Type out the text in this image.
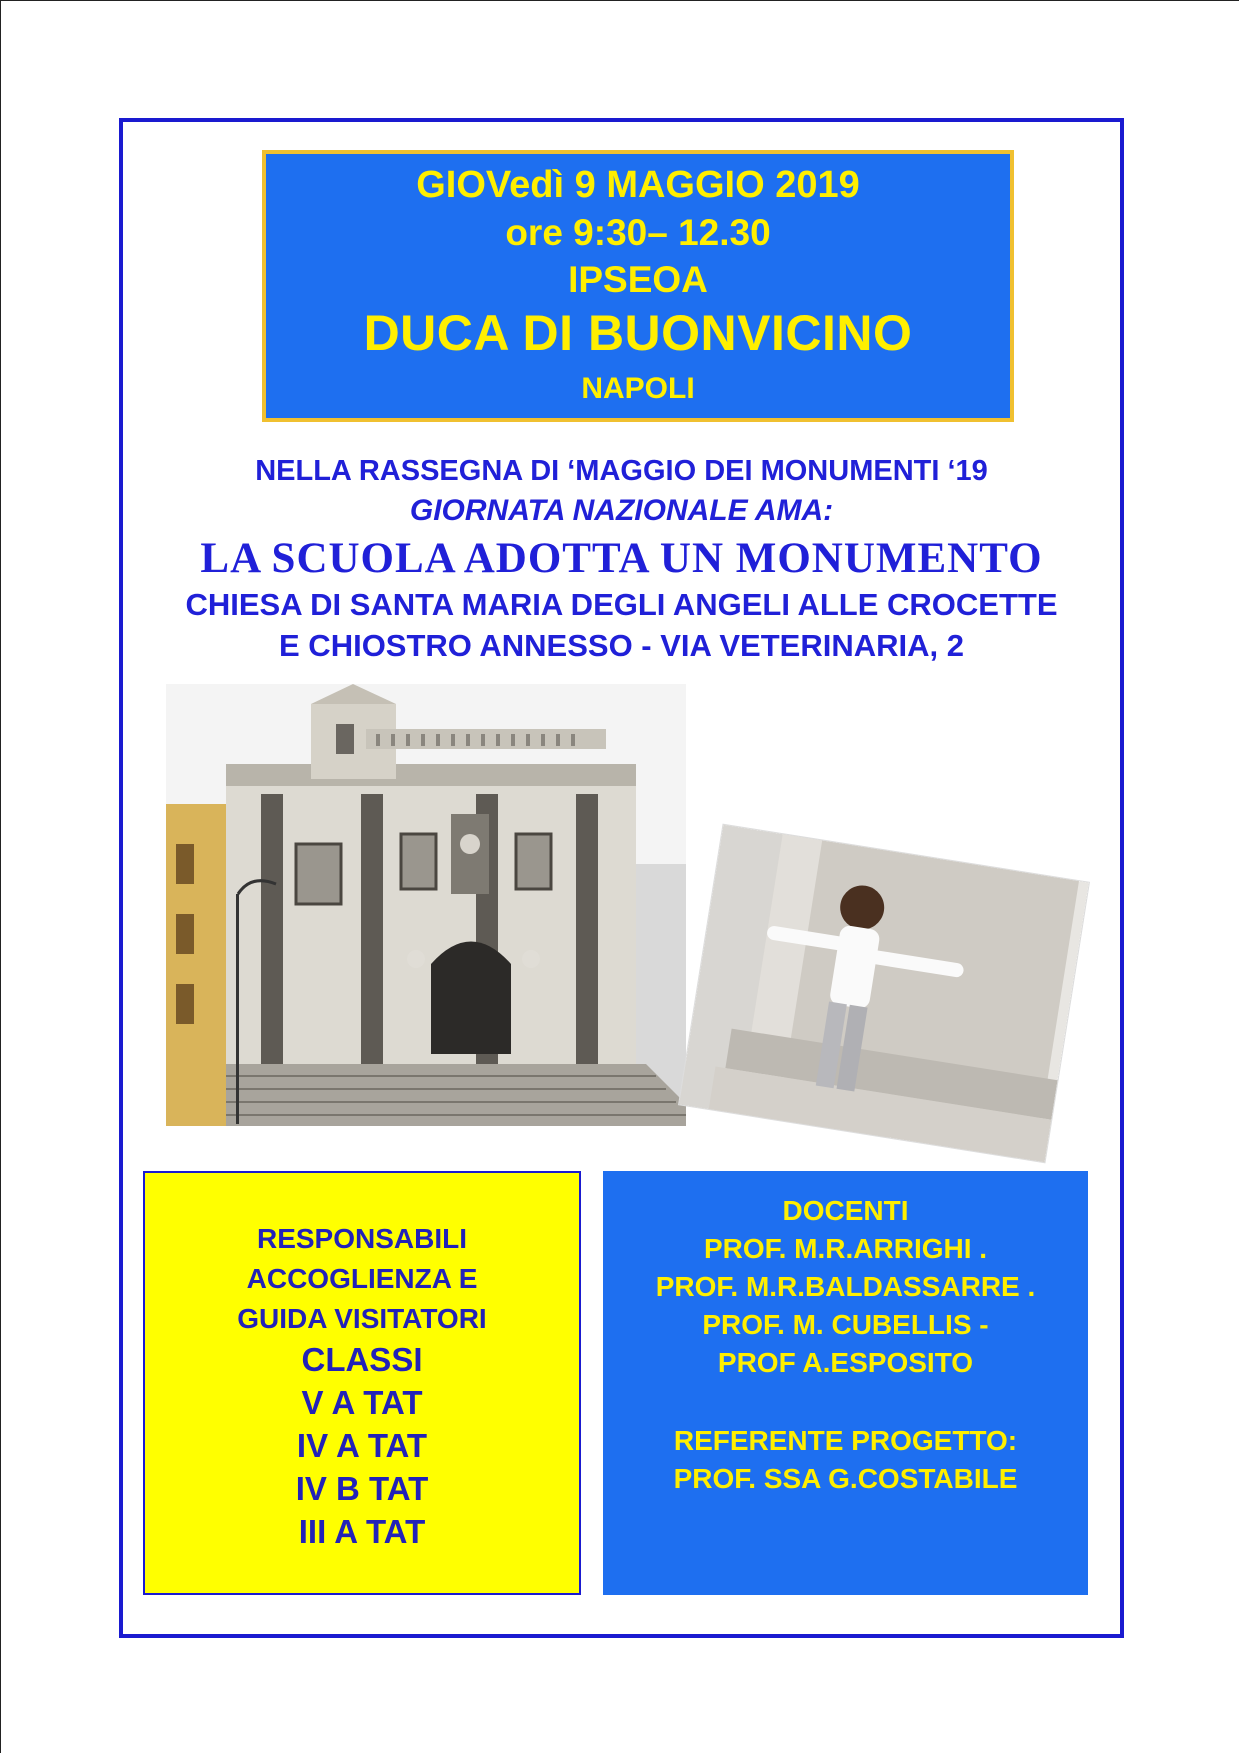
GIOVedì 9 MAGGIO 2019
ore 9:30– 12.30
IPSEOA
DUCA DI BUONVICINO
NAPOLI
NELLA RASSEGNA DI ‘MAGGIO DEI MONUMENTI ‘19
GIORNATA NAZIONALE AMA:
LA SCUOLA ADOTTA UN MONUMENTO
CHIESA DI SANTA MARIA DEGLI ANGELI ALLE CROCETTE
E CHIOSTRO ANNESSO - VIA VETERINARIA, 2
RESPONSABILI
ACCOGLIENZA E
GUIDA VISITATORI
CLASSI
V A TAT
IV A TAT
IV B TAT
III A TAT
DOCENTI
PROF. M.R.ARRIGHI .
PROF. M.R.BALDASSARRE .
PROF. M. CUBELLIS -
PROF A.ESPOSITO
REFERENTE PROGETTO:
PROF. SSA G.COSTABILE
